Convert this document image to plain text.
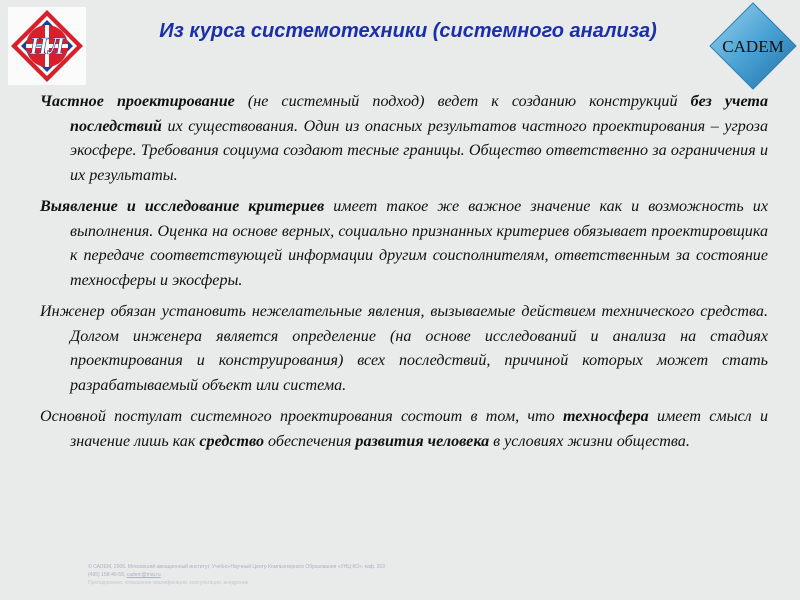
НЛ
Из курса системотехники (системного анализа)
CADEM

Частное проектирование (не системный подход) ведет к созданию конструкций без учета последствий их существования. Один из опасных результатов частного проектирования – угроза экосфере. Требования социума создают тесные границы. Общество ответственно за ограничения и их результаты.

Выявление и исследование критериев имеет такое же важное значение как и возможность их выполнения. Оценка на основе верных, социально признанных критериев обязывает проектировщика к передаче соответствующей информации другим соисполнителям, ответственным за состояние техносферы и экосферы.

Инженер обязан установить нежелательные явления, вызываемые действием технического средства. Долгом инженера является определение (на основе исследований и анализа на стадиях проектирования и конструирования) всех последствий, причиной которых может стать разрабатываемый объект или система.

Основной постулат системного проектирования состоит в том, что техносфера имеет смысл и значение лишь как средство обеспечения развития человека в условиях жизни общества.

© CADEM, 2006. Московский авиационный институт, Учебно-Научный Центр Компьютерного Образования «УНЦ КО», каф. 203
(495) 158-46-58, cadem@mai.ru
Преподавание, повышение квалификации, консультации, внедрение
